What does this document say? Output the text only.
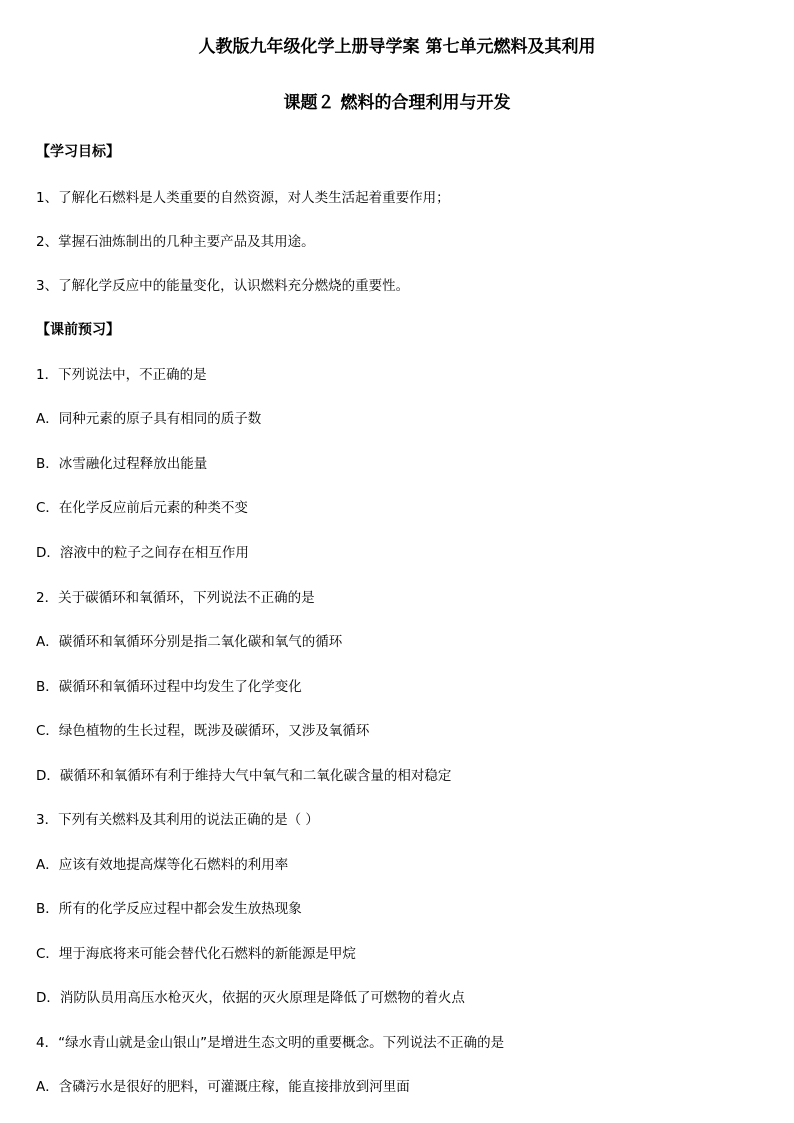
人教版九年级化学上册导学案 第七单元燃料及其利用
课题２ 燃料的合理利用与开发
【学习目标】
1、了解化石燃料是人类重要的自然资源，对人类生活起着重要作用；
2、掌握石油炼制出的几种主要产品及其用途。
3、了解化学反应中的能量变化，认识燃料充分燃烧的重要性。
【课前预习】
1．下列说法中，不正确的是
A．同种元素的原子具有相同的质子数
B．冰雪融化过程释放出能量
C．在化学反应前后元素的种类不变
D．溶液中的粒子之间存在相互作用
2．关于碳循环和氧循环，下列说法不正确的是
A．碳循环和氧循环分别是指二氧化碳和氧气的循环
B．碳循环和氧循环过程中均发生了化学变化
C．绿色植物的生长过程，既涉及碳循环，又涉及氧循环
D．碳循环和氧循环有利于维持大气中氧气和二氧化碳含量的相对稳定
3．下列有关燃料及其利用的说法正确的是（ ）
A．应该有效地提高煤等化石燃料的利用率
B．所有的化学反应过程中都会发生放热现象
C．埋于海底将来可能会替代化石燃料的新能源是甲烷
D．消防队员用高压水枪灭火，依据的灭火原理是降低了可燃物的着火点
4．“绿水青山就是金山银山”是增进生态文明的重要概念。下列说法不正确的是
A．含磷污水是很好的肥料，可灌溉庄稼，能直接排放到河里面
